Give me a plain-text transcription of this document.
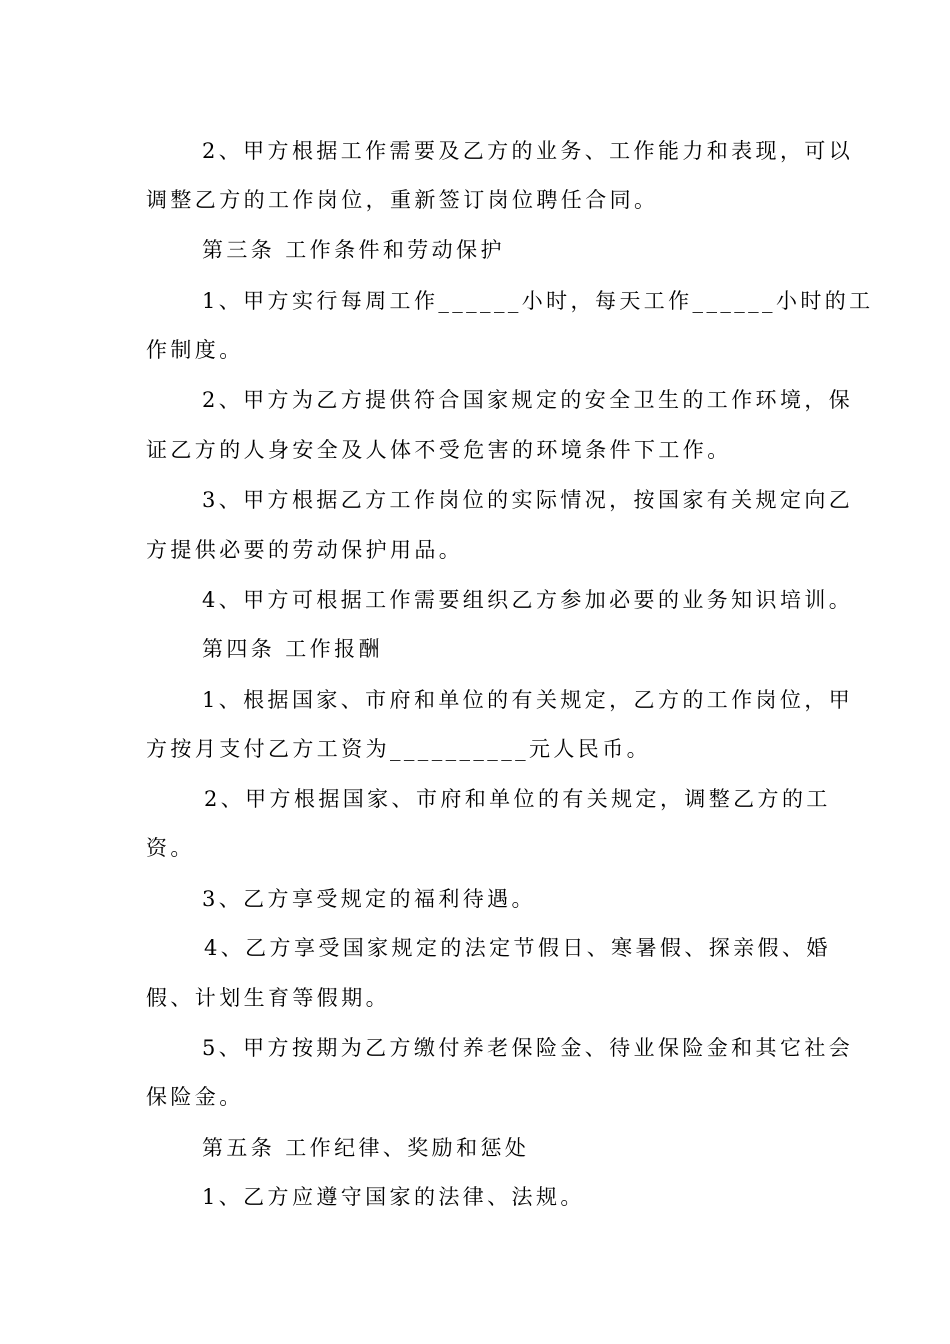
2、甲方根据工作需要及乙方的业务、工作能力和表现，可以
调整乙方的工作岗位，重新签订岗位聘任合同。
第三条 工作条件和劳动保护
1、甲方实行每周工作______小时，每天工作______小时的工
作制度。
2、甲方为乙方提供符合国家规定的安全卫生的工作环境，保
证乙方的人身安全及人体不受危害的环境条件下工作。
3、甲方根据乙方工作岗位的实际情况，按国家有关规定向乙
方提供必要的劳动保护用品。
4、甲方可根据工作需要组织乙方参加必要的业务知识培训。
第四条 工作报酬
1、根据国家、市府和单位的有关规定，乙方的工作岗位，甲
方按月支付乙方工资为__________元人民币。
2、甲方根据国家、市府和单位的有关规定，调整乙方的工
资。
3、乙方享受规定的福利待遇。
4、乙方享受国家规定的法定节假日、寒暑假、探亲假、婚
假、计划生育等假期。
5、甲方按期为乙方缴付养老保险金、待业保险金和其它社会
保险金。
第五条 工作纪律、奖励和惩处
1、乙方应遵守国家的法律、法规。
